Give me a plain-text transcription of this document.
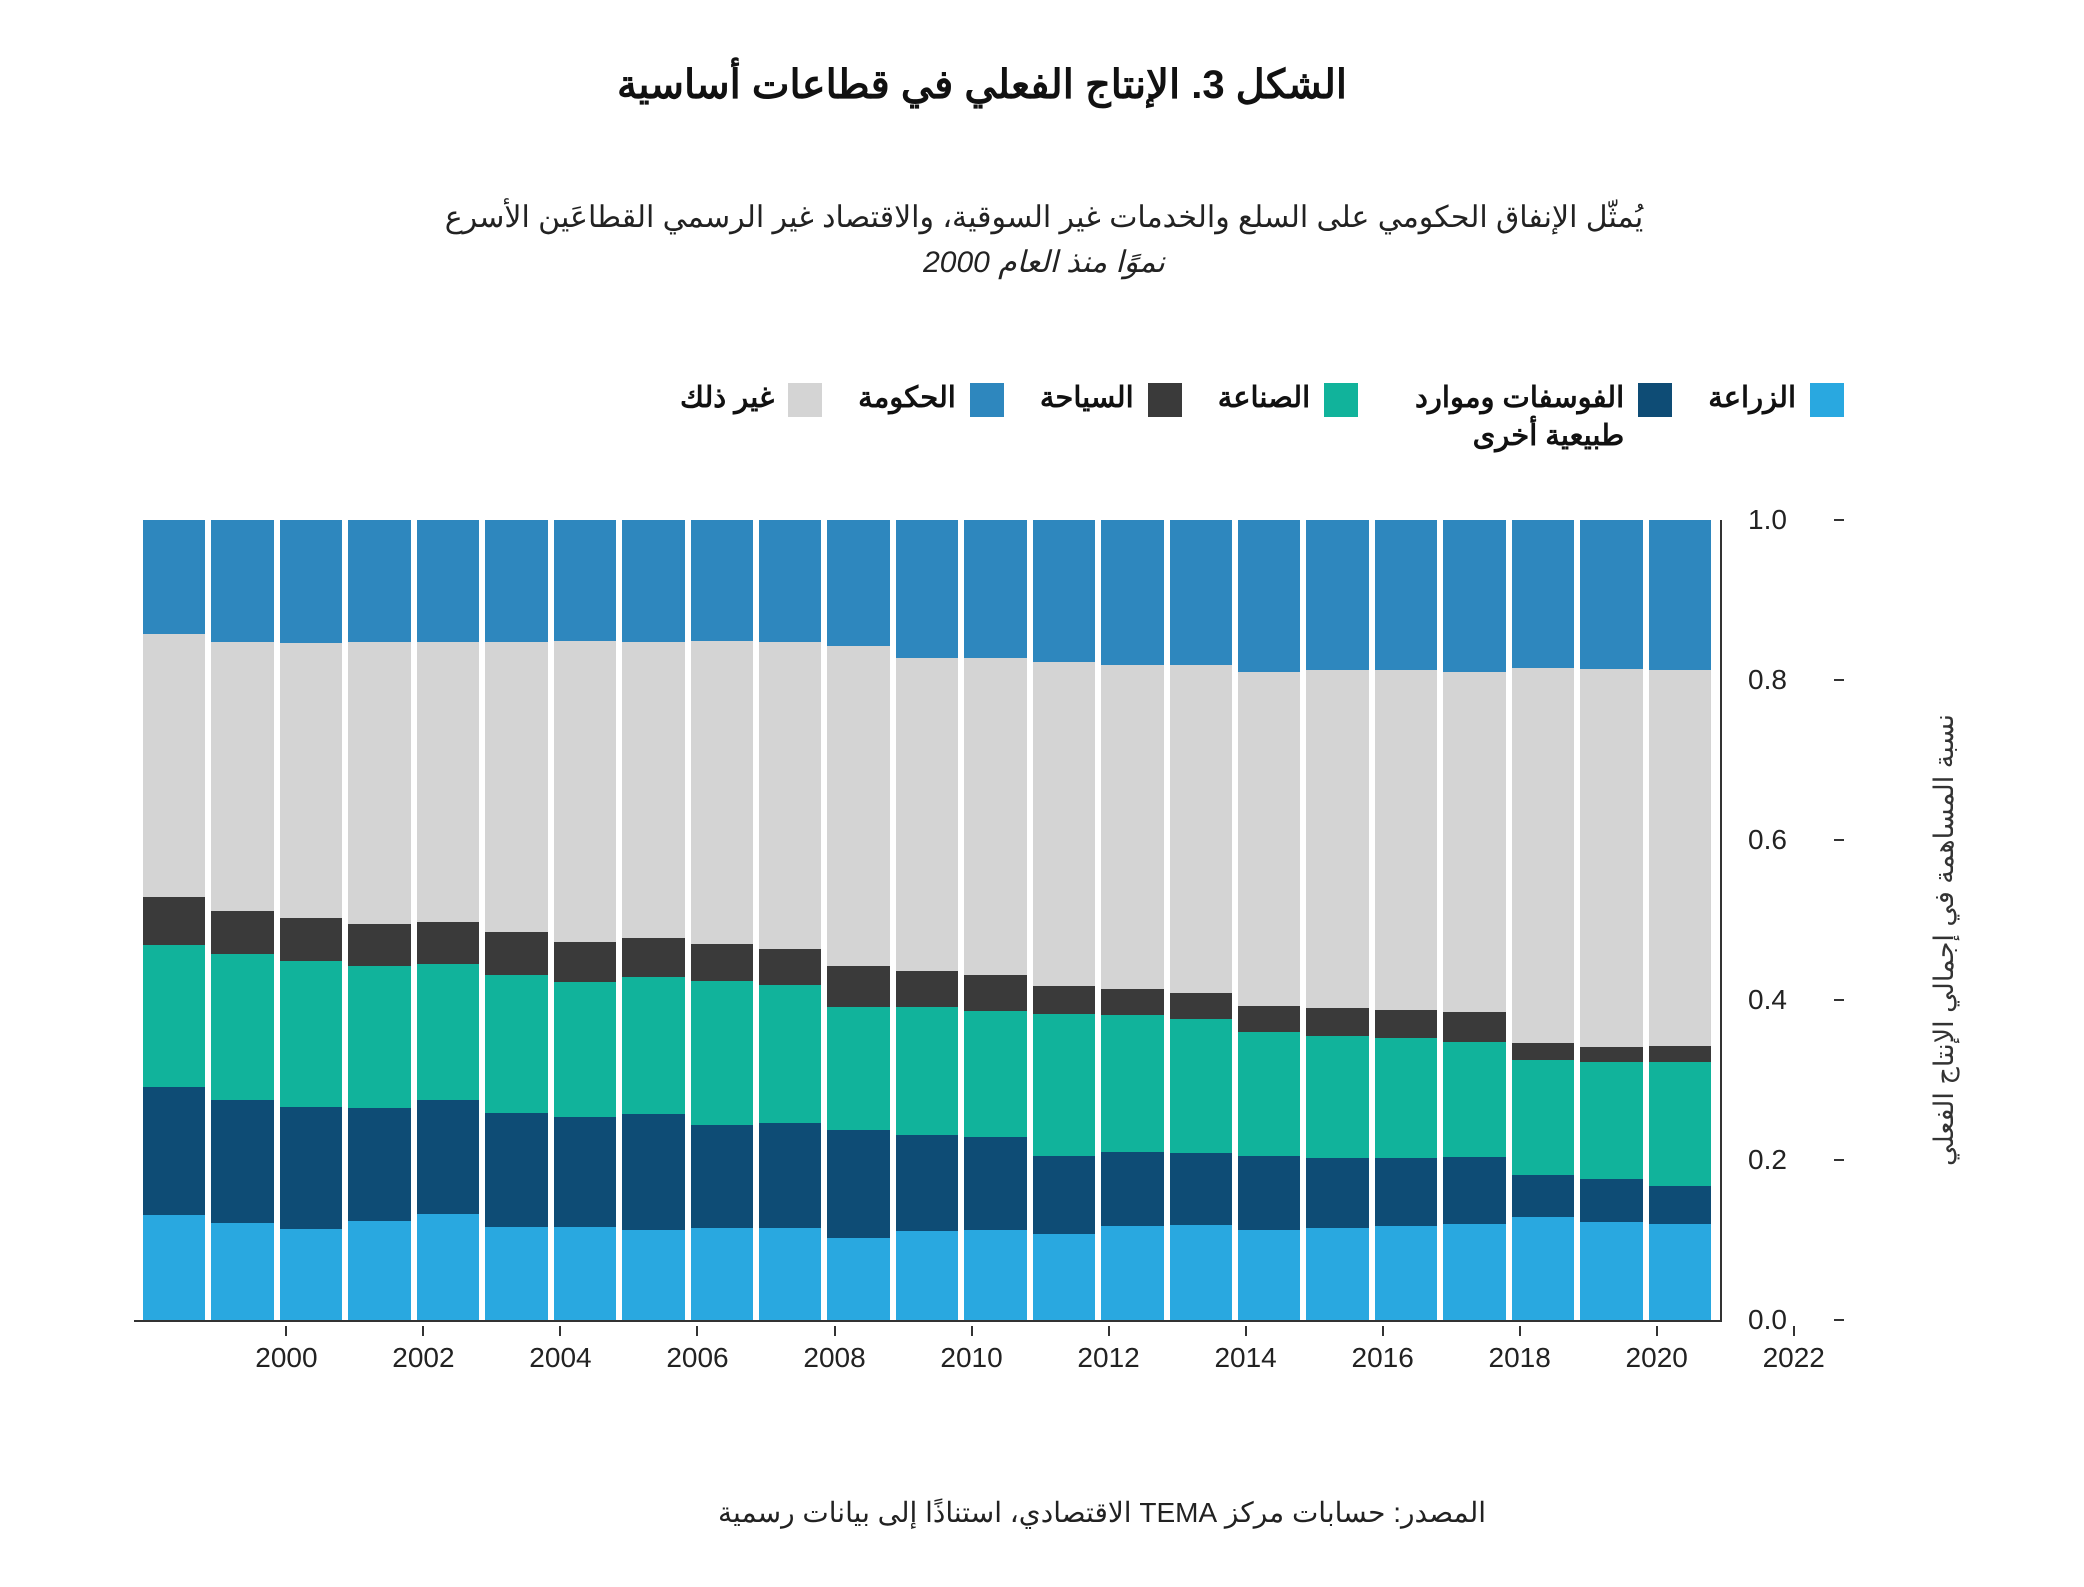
الشكل 3. الإنتاج الفعلي في قطاعات أساسية
يُمثّل الإنفاق الحكومي على السلع والخدمات غير السوقية، والاقتصاد غير الرسمي القطاعَين الأسرع
نموًا منذ العام 2000
الزراعة
الفوسفات وموارد طبيعية أخرى
الصناعة
السياحة
الحكومة
غير ذلك
نسبة المساهمة في إجمالي الإنتاج الفعلي
0.0
0.2
0.4
0.6
0.8
1.0
2000	2002	2004	2006	2008	2010	2012	2014	2016	2018	2020	2022
المصدر: حسابات مركز TEMA الاقتصادي، استناذًا إلى بيانات رسمية
